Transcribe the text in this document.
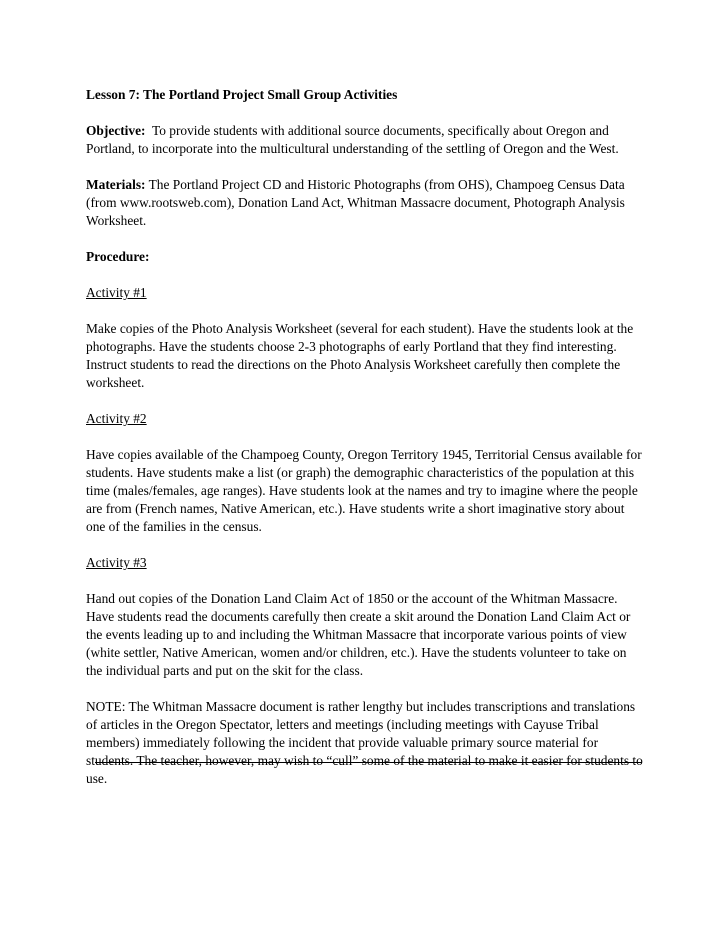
Lesson 7: The Portland Project Small Group Activities

Objective: To provide students with additional source documents, specifically about Oregon and Portland, to incorporate into the multicultural understanding of the settling of Oregon and the West.

Materials: The Portland Project CD and Historic Photographs (from OHS), Champoeg Census Data (from www.rootsweb.com), Donation Land Act, Whitman Massacre document, Photograph Analysis Worksheet.

Procedure:

Activity #1

Make copies of the Photo Analysis Worksheet (several for each student). Have the students look at the photographs. Have the students choose 2-3 photographs of early Portland that they find interesting. Instruct students to read the directions on the Photo Analysis Worksheet carefully then complete the worksheet.

Activity #2

Have copies available of the Champoeg County, Oregon Territory 1945, Territorial Census available for students. Have students make a list (or graph) the demographic characteristics of the population at this time (males/females, age ranges). Have students look at the names and try to imagine where the people are from (French names, Native American, etc.). Have students write a short imaginative story about one of the families in the census.

Activity #3

Hand out copies of the Donation Land Claim Act of 1850 or the account of the Whitman Massacre. Have students read the documents carefully then create a skit around the Donation Land Claim Act or the events leading up to and including the Whitman Massacre that incorporate various points of view (white settler, Native American, women and/or children, etc.). Have the students volunteer to take on the individual parts and put on the skit for the class.

NOTE: The Whitman Massacre document is rather lengthy but includes transcriptions and translations of articles in the Oregon Spectator, letters and meetings (including meetings with Cayuse Tribal members) immediately following the incident that provide valuable primary source material for students. The teacher, however, may wish to “cull” some of the material to make it easier for students to use.
